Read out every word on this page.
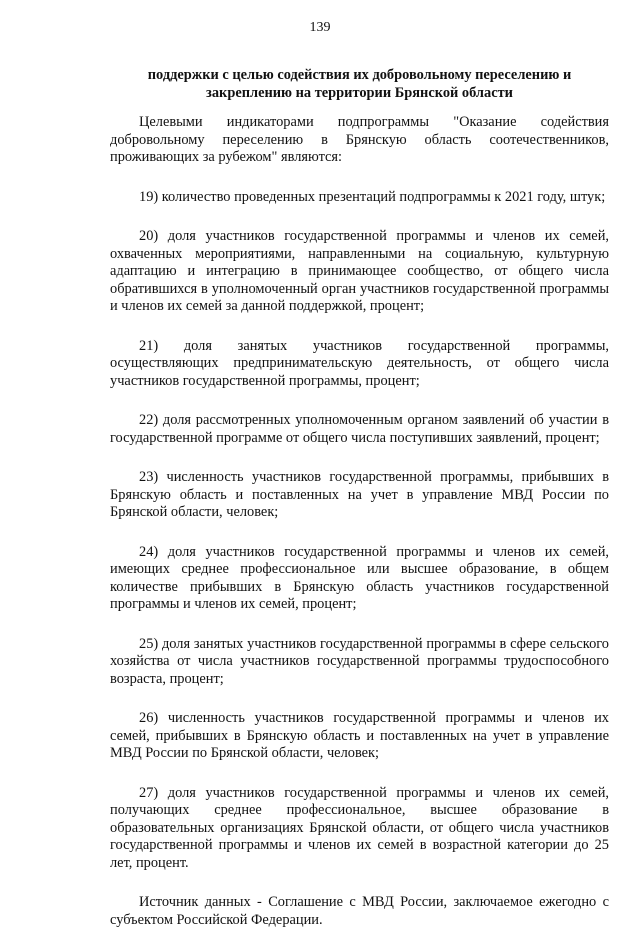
139

поддержки с целью содействия их добровольному переселению и закреплению на территории Брянской области

Целевыми индикаторами подпрограммы "Оказание содействия добровольному переселению в Брянскую область соотечественников, проживающих за рубежом" являются:

19) количество проведенных презентаций подпрограммы к 2021 году, штук;

20) доля участников государственной программы и членов их семей, охваченных мероприятиями, направленными на социальную, культурную адаптацию и интеграцию в принимающее сообщество, от общего числа обратившихся в уполномоченный орган участников государственной программы и членов их семей за данной поддержкой, процент;

21) доля занятых участников государственной программы, осуществляющих предпринимательскую деятельность, от общего числа участников государственной программы, процент;

22) доля рассмотренных уполномоченным органом заявлений об участии в государственной программе от общего числа поступивших заявлений, процент;

23) численность участников государственной программы, прибывших в Брянскую область и поставленных на учет в управление МВД России по Брянской области, человек;

24) доля участников государственной программы и членов их семей, имеющих среднее профессиональное или высшее образование, в общем количестве прибывших в Брянскую область участников государственной программы и членов их семей, процент;

25) доля занятых участников государственной программы в сфере сельского хозяйства от числа участников государственной программы трудоспособного возраста, процент;

26) численность участников государственной программы и членов их семей, прибывших в Брянскую область и поставленных на учет в управление МВД России по Брянской области, человек;

27) доля участников государственной программы и членов их семей, получающих среднее профессиональное, высшее образование в образовательных организациях Брянской области, от общего числа участников государственной программы и членов их семей в возрастной категории до 25 лет, процент.

Источник данных - Соглашение с МВД России, заключаемое ежегодно с субъектом Российской Федерации.
